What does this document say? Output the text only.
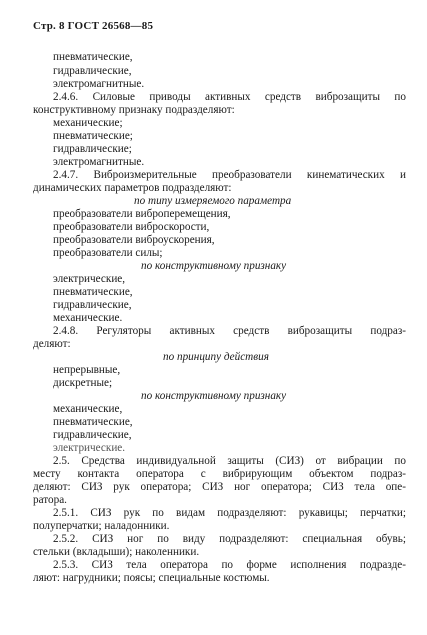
Стр. 8 ГОСТ 26568—85
пневматические,
гидравлические,
электромагнитные.
2.4.6. Силовые приводы активных средств виброзащиты по
конструктивному признаку подразделяют:
механические;
пневматические;
гидравлические;
электромагнитные.
2.4.7. Виброизмерительные преобразователи кинематических и
динамических параметров подразделяют:
по типу измеряемого параметра
преобразователи виброперемещения,
преобразователи виброскорости,
преобразователи виброускорения,
преобразователи силы;
по конструктивному признаку
электрические,
пневматические,
гидравлические,
механические.
2.4.8. Регуляторы активных средств виброзащиты подраз-
деляют:
по принципу действия
непрерывные,
дискретные;
по конструктивному признаку
механические,
пневматические,
гидравлические,
электрические.
2.5. Средства индивидуальной защиты (СИЗ) от вибрации по
месту контакта оператора с вибрирующим объектом подраз-
деляют: СИЗ рук оператора; СИЗ ног оператора; СИЗ тела опе-
ратора.
2.5.1. СИЗ рук по видам подразделяют: рукавицы; перчатки;
полуперчатки; наладонники.
2.5.2. СИЗ ног по виду подразделяют: специальная обувь;
стельки (вкладыши); наколенники.
2.5.3. СИЗ тела оператора по форме исполнения подразде-
ляют: нагрудники; поясы; специальные костюмы.
